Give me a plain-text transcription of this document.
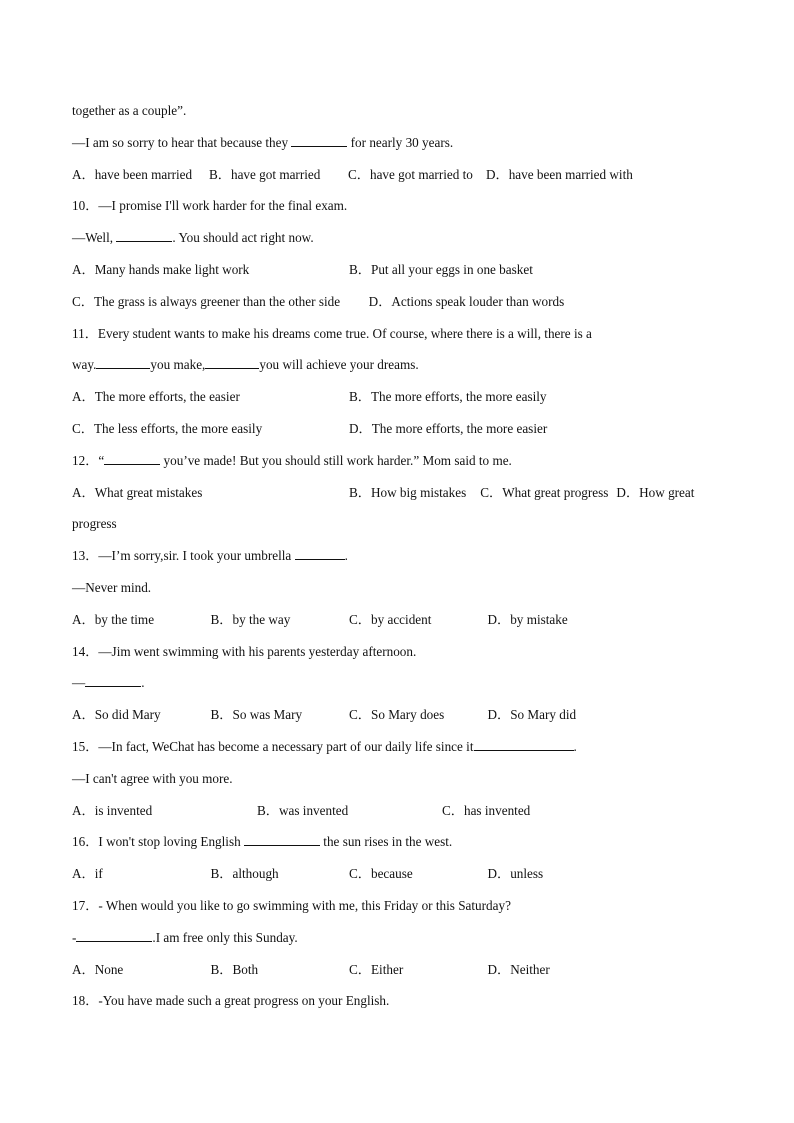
together as a couple”.
—I am so sorry to hear that because they	for nearly 30 years.
A．have been married	B．have got married	C．have got married to D．have been married with
10．—I promise I'll work harder for the final exam.
—Well,	. You should act right now.
A．Many hands make light work	B．Put all your eggs in one basket
C．The grass is always greener than the other side D．Actions speak louder than words
11．Every student wants to make his dreams come true. Of course, where there is a will, there is a
way.	you make,	you will achieve your dreams.
A．The more efforts, the easier	B．The more efforts, the more easily
C．The less efforts, the more easily	D．The more efforts, the more easier
12．“	you’ve made! But you should still work harder.” Mom said to me.
A．What great mistakes	B．How big mistakes C．What great progress D．How great
progress
13．—I’m sorry,sir. I took your umbrella	.
—Never mind.
A．by the time	B．by the way	C．by accident	D．by mistake
14．—Jim went swimming with his parents yesterday afternoon.
—	.
A．So did Mary	B．So was Mary	C．So Mary does	D．So Mary did
15．—In fact, WeChat has become a necessary part of our daily life since it	.
—I can't agree with you more.
A．is invented	B．was invented	C．has invented
16．I won't stop loving English	the sun rises in the west.
A．if	B．although	C．because	D．unless
17．- When would you like to go swimming with me, this Friday or this Saturday?
-	.I am free only this Sunday.
A．None	B．Both	C．Either	D．Neither
18．-You have made such a great progress on your English.
